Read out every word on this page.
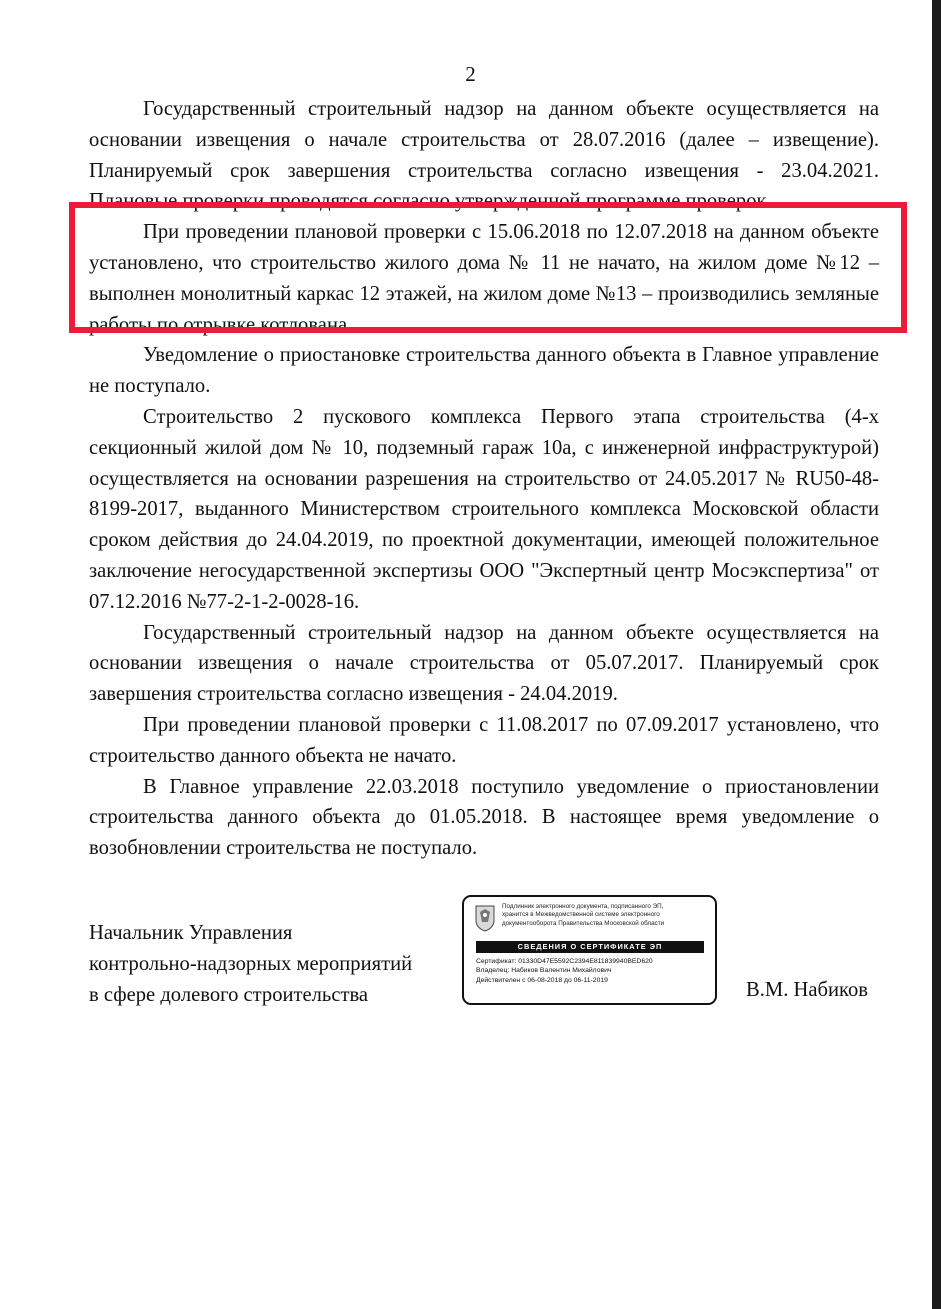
2

Государственный строительный надзор на данном объекте осуществляется на основании извещения о начале строительства от 28.07.2016 (далее – извещение). Планируемый срок завершения строительства согласно извещения - 23.04.2021. Плановые проверки проводятся согласно утвержденной программе проверок.

При проведении плановой проверки с 15.06.2018 по 12.07.2018 на данном объекте установлено, что строительство жилого дома № 11 не начато, на жилом доме №12 – выполнен монолитный каркас 12 этажей, на жилом доме №13 – производились земляные работы по отрывке котлована.

Уведомление о приостановке строительства данного объекта в Главное управление не поступало.

Строительство 2 пускового комплекса Первого этапа строительства (4-х секционный жилой дом № 10, подземный гараж 10а, с инженерной инфраструктурой) осуществляется на основании разрешения на строительство от 24.05.2017 № RU50-48-8199-2017, выданного Министерством строительного комплекса Московской области сроком действия до 24.04.2019, по проектной документации, имеющей положительное заключение негосударственной экспертизы ООО "Экспертный центр Мосэкспертиза" от 07.12.2016 №77-2-1-2-0028-16.

Государственный строительный надзор на данном объекте осуществляется на основании извещения о начале строительства от 05.07.2017. Планируемый срок завершения строительства согласно извещения - 24.04.2019.

При проведении плановой проверки с 11.08.2017 по 07.09.2017 установлено, что строительство данного объекта не начато.

В Главное управление 22.03.2018 поступило уведомление о приостановлении строительства данного объекта до 01.05.2018. В настоящее время уведомление о возобновлении строительства не поступало.

Начальник Управления
контрольно-надзорных мероприятий
в сфере долевого строительства
Подлинник электронного документа, подписанного ЭП,
хранится в Межведомственной системе электронного
документооборота Правительства Московской области
СВЕДЕНИЯ О СЕРТИФИКАТЕ ЭП
Сертификат: 01330D47E5592C2394E811839940BED620
Владелец: Набиков Валентин Михайлович
Действителен с 06-08-2018 до 06-11-2019	В.М. Набиков
